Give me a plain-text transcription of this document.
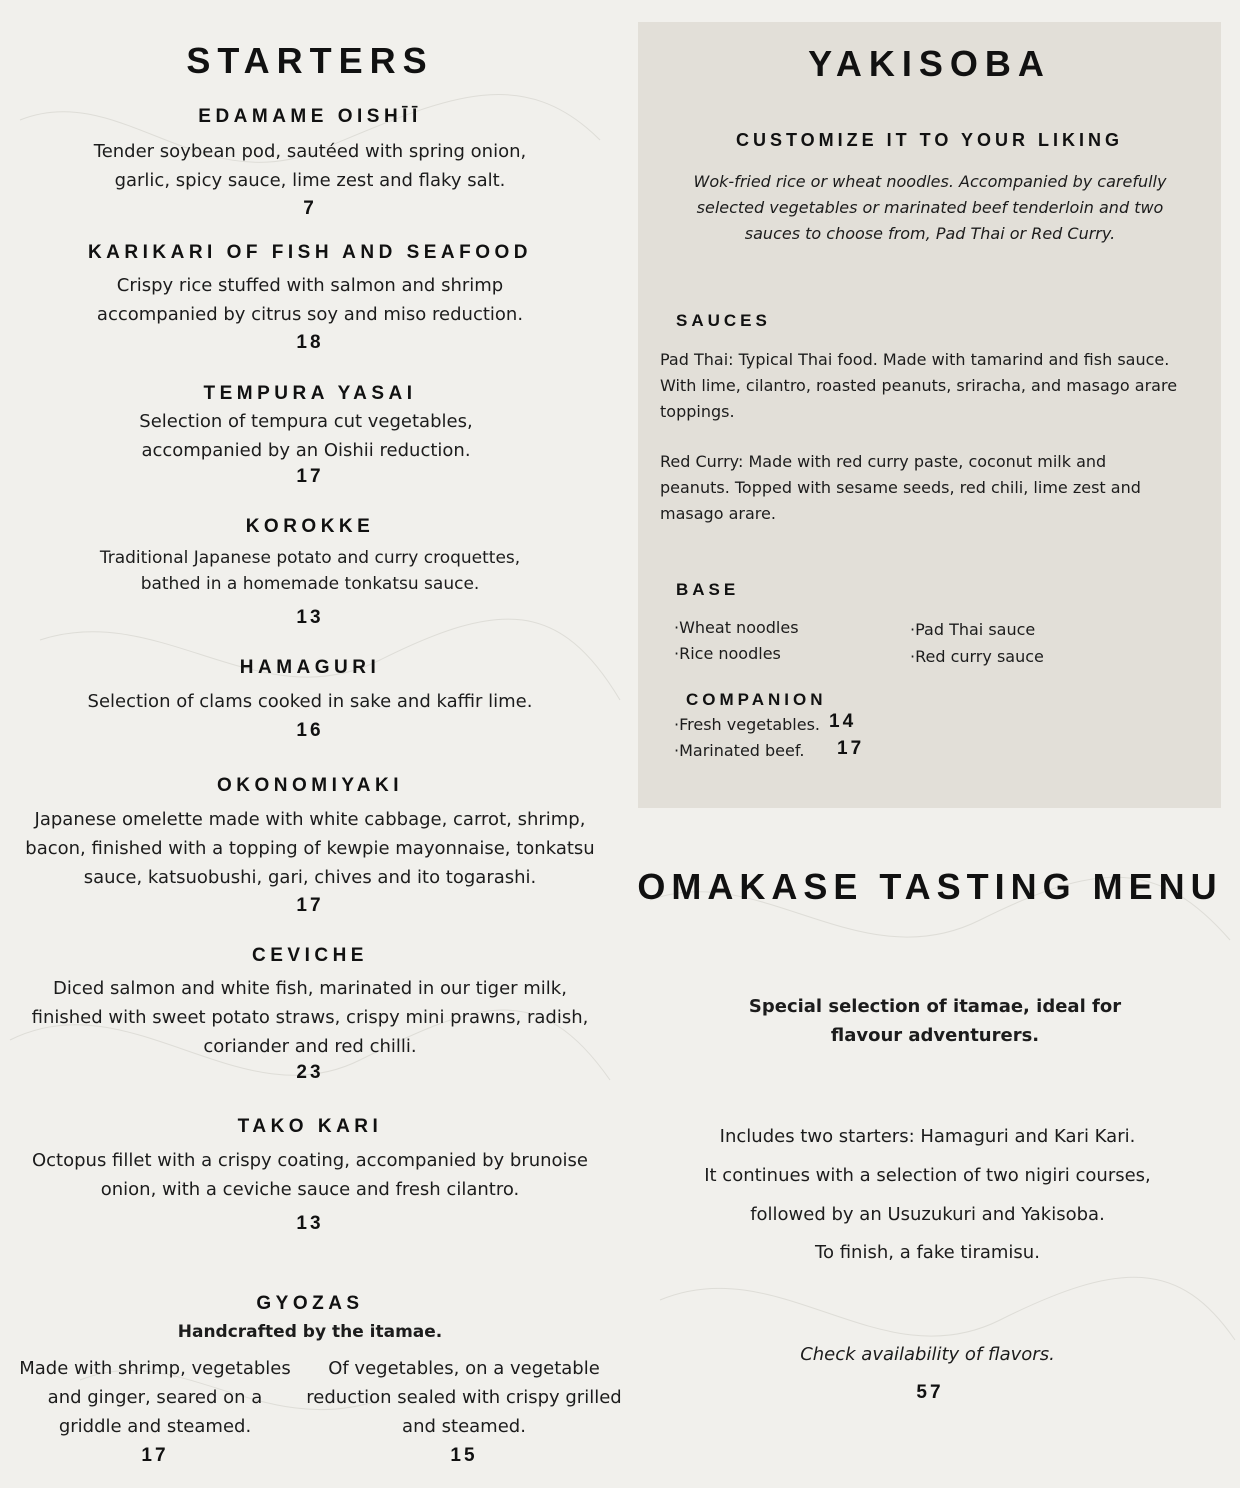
STARTERS
EDAMAME OISHĪĪ
Tender soybean pod, sautéed with spring onion, garlic, spicy sauce, lime zest and flaky salt.
7
KARIKARI OF FISH AND SEAFOOD
Crispy rice stuffed with salmon and shrimp accompanied by citrus soy and miso reduction.
18
TEMPURA YASAI
Selection of tempura cut vegetables, accompanied by an Oishii reduction.
17
KOROKKE
Traditional Japanese potato and curry croquettes, bathed in a homemade tonkatsu sauce.
13
HAMAGURI
Selection of clams cooked in sake and kaffir lime.
16
OKONOMIYAKI
Japanese omelette made with white cabbage, carrot, shrimp, bacon, finished with a topping of kewpie mayonnaise, tonkatsu sauce, katsuobushi, gari, chives and ito togarashi.
17
CEVICHE
Diced salmon and white fish, marinated in our tiger milk, finished with sweet potato straws, crispy mini prawns, radish, coriander and red chilli.
23
TAKO KARI
Octopus fillet with a crispy coating, accompanied by brunoise onion, with a ceviche sauce and fresh cilantro.
13
GYOZAS
Handcrafted by the itamae.
Made with shrimp, vegetables and ginger, seared on a griddle and steamed.
17
Of vegetables, on a vegetable reduction sealed with crispy grilled and steamed.
15
YAKISOBA
CUSTOMIZE IT TO YOUR LIKING
Wok-fried rice or wheat noodles. Accompanied by carefully selected vegetables or marinated beef tenderloin and two sauces to choose from, Pad Thai or Red Curry.
SAUCES
Pad Thai: Typical Thai food. Made with tamarind and fish sauce. With lime, cilantro, roasted peanuts, sriracha, and masago arare toppings.
Red Curry: Made with red curry paste, coconut milk and peanuts. Topped with sesame seeds, red chili, lime zest and masago arare.
BASE
·Wheat noodles
·Rice noodles
·Pad Thai sauce
·Red curry sauce
COMPANION
·Fresh vegetables. 14
·Marinated beef. 17
OMAKASE TASTING MENU
Special selection of itamae, ideal for
flavour adventurers.
Includes two starters: Hamaguri and Kari Kari.
It continues with a selection of two nigiri courses,
followed by an Usuzukuri and Yakisoba.
To finish, a fake tiramisu.
Check availability of flavors.
57
